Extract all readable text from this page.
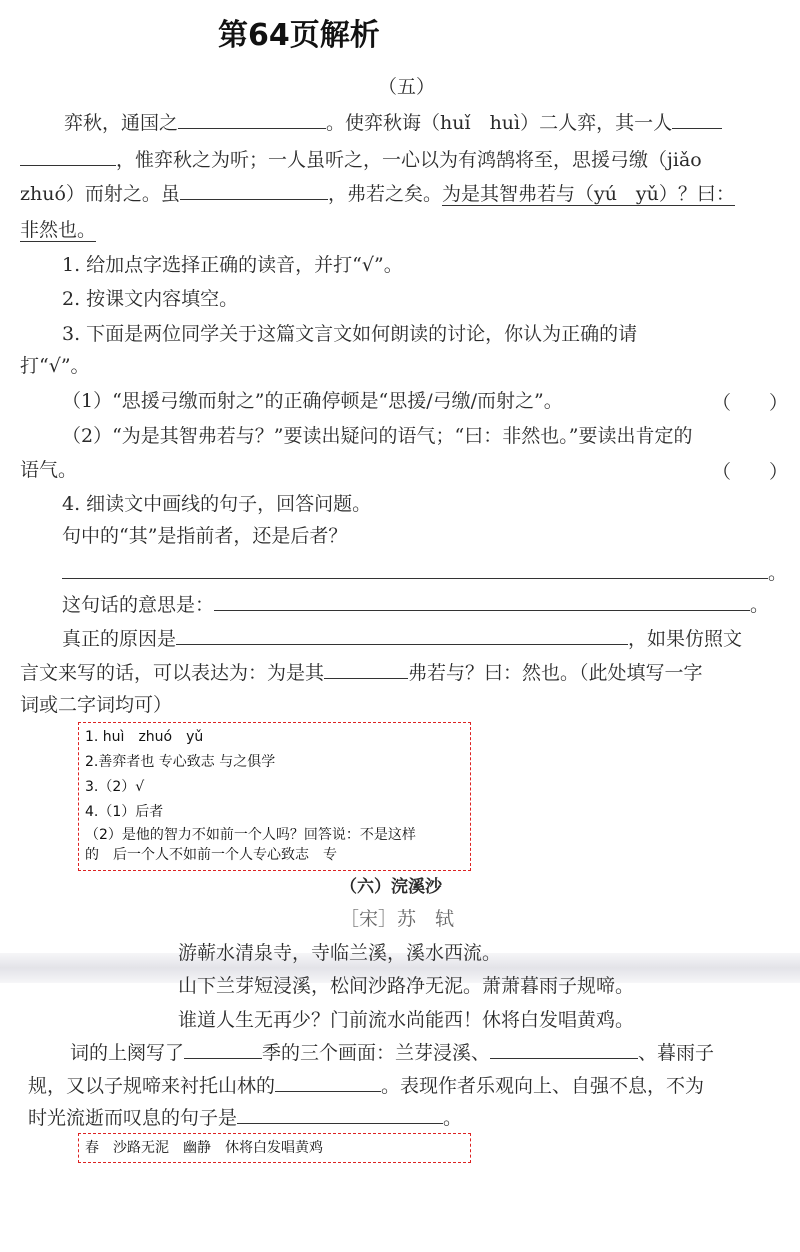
第64页解析
（五）
弈秋，通国之	。使弈秋诲（huǐ　huì）二人弈，其一人
，惟弈秋之为听；一人虽听之，一心以为有鸿鹄将至，思援弓缴（jiǎo
zhuó）而射之。虽	，弗若之矣。为是其智弗若与（yú　yǔ）？曰：
非然也。
1. 给加点字选择正确的读音，并打“√”。
2. 按课文内容填空。
3. 下面是两位同学关于这篇文言文如何朗读的讨论，你认为正确的请
打“√”。
（1）“思援弓缴而射之”的正确停顿是“思援/弓缴/而射之”。	（　　）
（2）“为是其智弗若与？”要读出疑问的语气；“曰：非然也。”要读出肯定的
语气。	（　　）
4. 细读文中画线的句子，回答问题。
句中的“其”是指前者，还是后者？
。
这句话的意思是：	。
真正的原因是	，如果仿照文
言文来写的话，可以表达为：为是其	弗若与？曰：然也。（此处填写一字
词或二字词均可）
1. huì　zhuó　yǔ
2.善弈者也 专心致志 与之俱学
3.（2）√
4.（1）后者
（2）是他的智力不如前一个人吗？回答说：不是这样
的　后一个人不如前一个人专心致志　专
（六）浣溪沙
［宋］苏　轼
游蕲水清泉寺，寺临兰溪，溪水西流。
山下兰芽短浸溪，松间沙路净无泥。萧萧暮雨子规啼。
谁道人生无再少？门前流水尚能西！休将白发唱黄鸡。
词的上阕写了	季的三个画面：兰芽浸溪、	、暮雨子
规，又以子规啼来衬托山林的	。表现作者乐观向上、自强不息，不为
时光流逝而叹息的句子是	。
春　沙路无泥　幽静　休将白发唱黄鸡
